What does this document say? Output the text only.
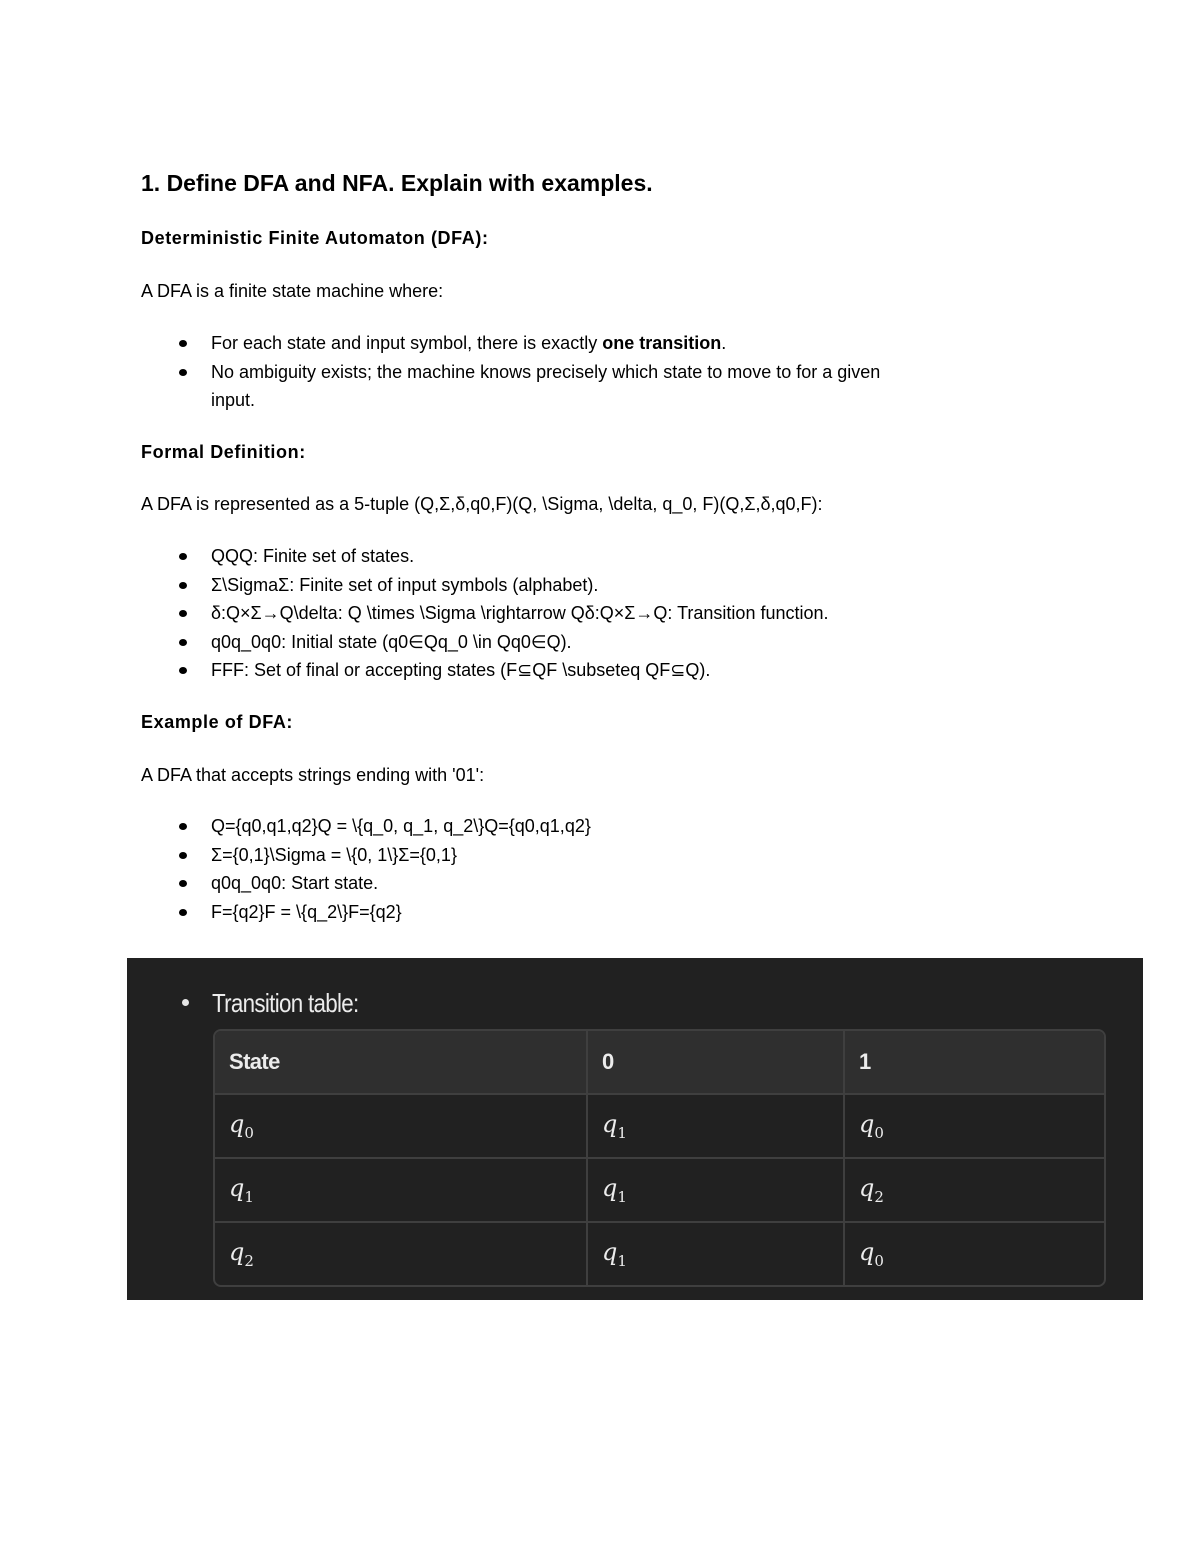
1. Define DFA and NFA. Explain with examples.
Deterministic Finite Automaton (DFA):

A DFA is a finite state machine where:

For each state and input symbol, there is exactly one transition.
No ambiguity exists; the machine knows precisely which state to move to for a given
input.
Formal Definition:

A DFA is represented as a 5-tuple (Q,Σ,δ,q0,F)(Q, \Sigma, \delta, q_0, F)(Q,Σ,δ,q0,F):

QQQ: Finite set of states.
Σ\SigmaΣ: Finite set of input symbols (alphabet).
δ:Q×Σ→Q\delta: Q \times \Sigma \rightarrow Qδ:Q×Σ→Q: Transition function.
q0q_0q0: Initial state (q0∈Qq_0 \in Qq0∈Q).
FFF: Set of final or accepting states (F⊆QF \subseteq QF⊆Q).
Example of DFA:

A DFA that accepts strings ending with '01':

Q={q0,q1,q2}Q = \{q_0, q_1, q_2\}Q={q0,q1,q2}
Σ={0,1}\Sigma = \{0, 1\}Σ={0,1}
q0q_0q0: Start state.
F={q2}F = \{q_2\}F={q2}
Transition table:
State	0	1
$q_0$	$q_1$	$q_0$
$q_1$	$q_1$	$q_2$
$q_2$	$q_1$	$q_0$
